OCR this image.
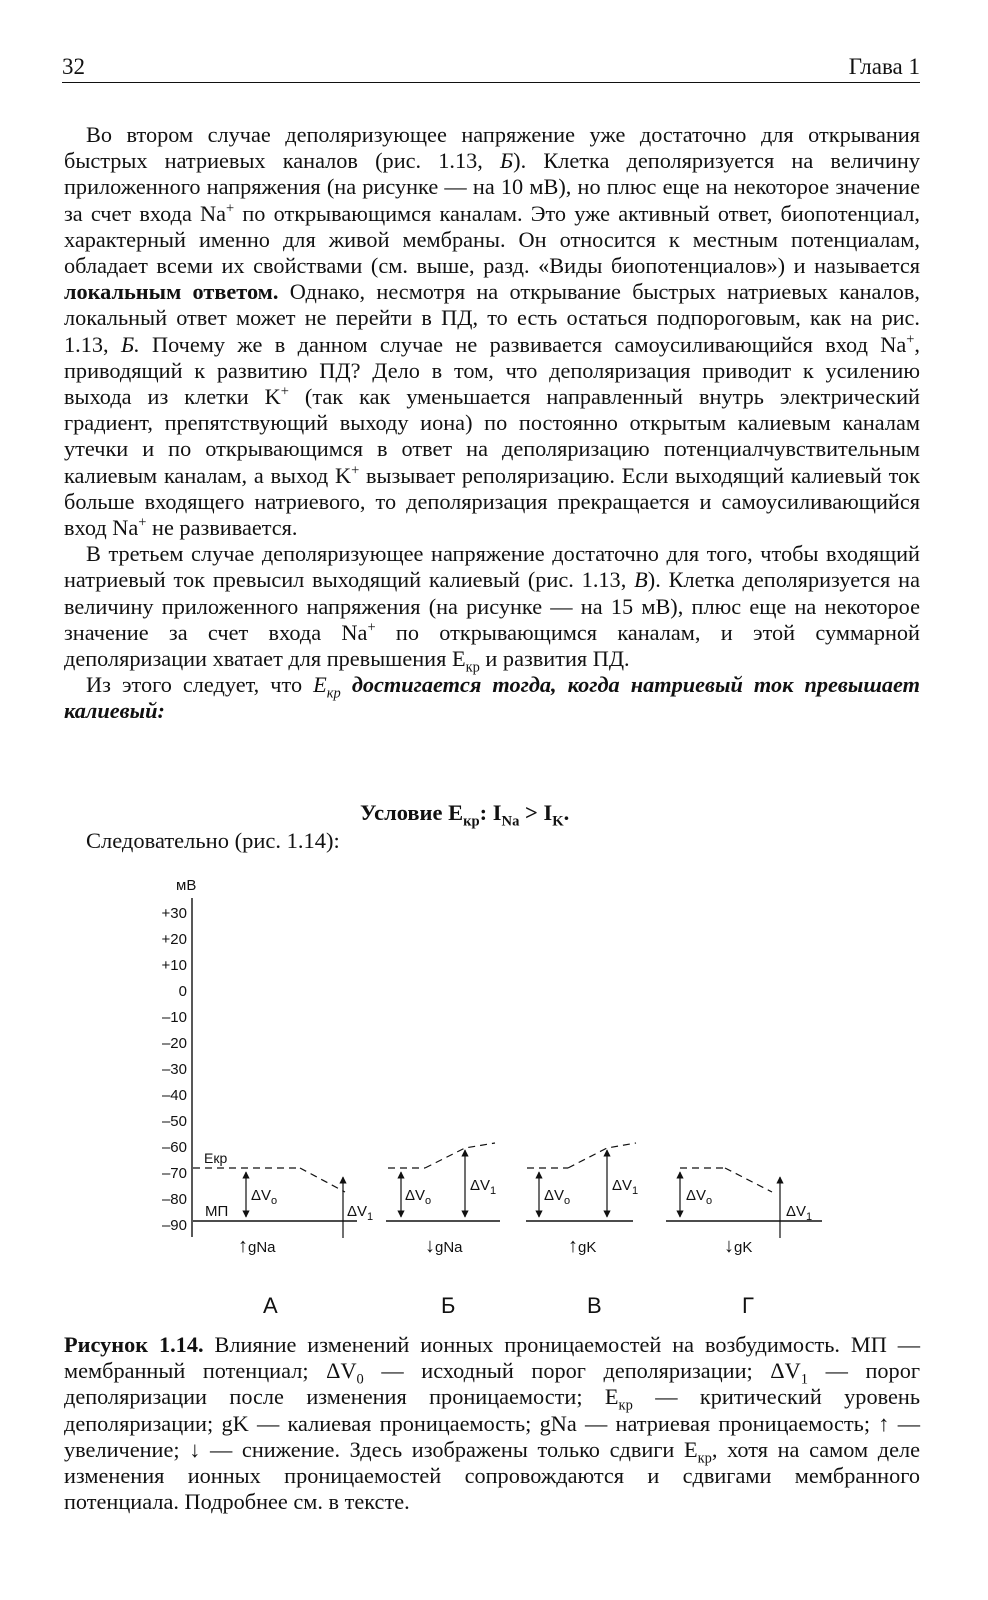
32	Глава 1

Во втором случае деполяризующее напряжение уже достаточно для открывания быстрых натриевых каналов (рис. 1.13, Б). Клетка деполяризуется на величину приложенного напряжения (на рисунке — на 10 мВ), но плюс еще на некоторое значение за счет входа Na+ по открывающимся каналам. Это уже активный ответ, биопотенциал, характерный именно для живой мембраны. Он относится к местным потенциалам, обладает всеми их свойствами (см. выше, разд. «Виды биопотенциалов») и называется локальным ответом. Однако, несмотря на открывание быстрых натриевых каналов, локальный ответ может не перейти в ПД, то есть остаться подпороговым, как на рис. 1.13, Б. Почему же в данном случае не развивается самоусиливающийся вход Na+, приводящий к развитию ПД? Дело в том, что деполяризация приводит к усилению выхода из клетки K+ (так как уменьшается направленный внутрь электрический градиент, препятствующий выходу иона) по постоянно открытым калиевым каналам утечки и по открывающимся в ответ на деполяризацию потенциалчувствительным калиевым каналам, а выход K+ вызывает реполяризацию. Если выходящий калиевый ток больше входящего натриевого, то деполяризация прекращается и самоусиливающийся вход Na+ не развивается.

В третьем случае деполяризующее напряжение достаточно для того, чтобы входящий натриевый ток превысил выходящий калиевый (рис. 1.13, В). Клетка деполяризуется на величину приложенного напряжения (на рисунке — на 15 мВ), плюс еще на некоторое значение за счет входа Na+ по открывающимся каналам, и этой суммарной деполяризации хватает для превышения $E_{кр}$ и развития ПД.

Из этого следует, что $E_{кр}$ достигается тогда, когда натриевый ток превышает калиевый:

Условие $E_{кр}$: $I_{Na} > I_K$.
Следовательно (рис. 1.14):
мВ
+30
+20
+10
0
–10
–20
–30
–40
–50
–60
–70
–80
–90
Eкр
МП
$\Delta V_o$
$\Delta V_1$
↑gNa
А
$\Delta V_o$
$\Delta V_1$
↓gNa
Б
$\Delta V_o$
$\Delta V_1$
↑gK
В
$\Delta V_o$
$\Delta V_1$
↓gK
Г
Рисунок 1.14. Влияние изменений ионных проницаемостей на возбудимость. МП — мембранный потенциал; $\Delta V_0$ — исходный порог деполяризации; $\Delta V_1$ — порог деполяризации после изменения проницаемости; $E_{кр}$ — критический уровень деполяризации; gK — калиевая проницаемость; gNa — натриевая проницаемость; ↑ — увеличение; ↓ — снижение. Здесь изображены только сдвиги $E_{кр}$, хотя на самом деле изменения ионных проницаемостей сопровождаются и сдвигами мембранного потенциала. Подробнее см. в тексте.
